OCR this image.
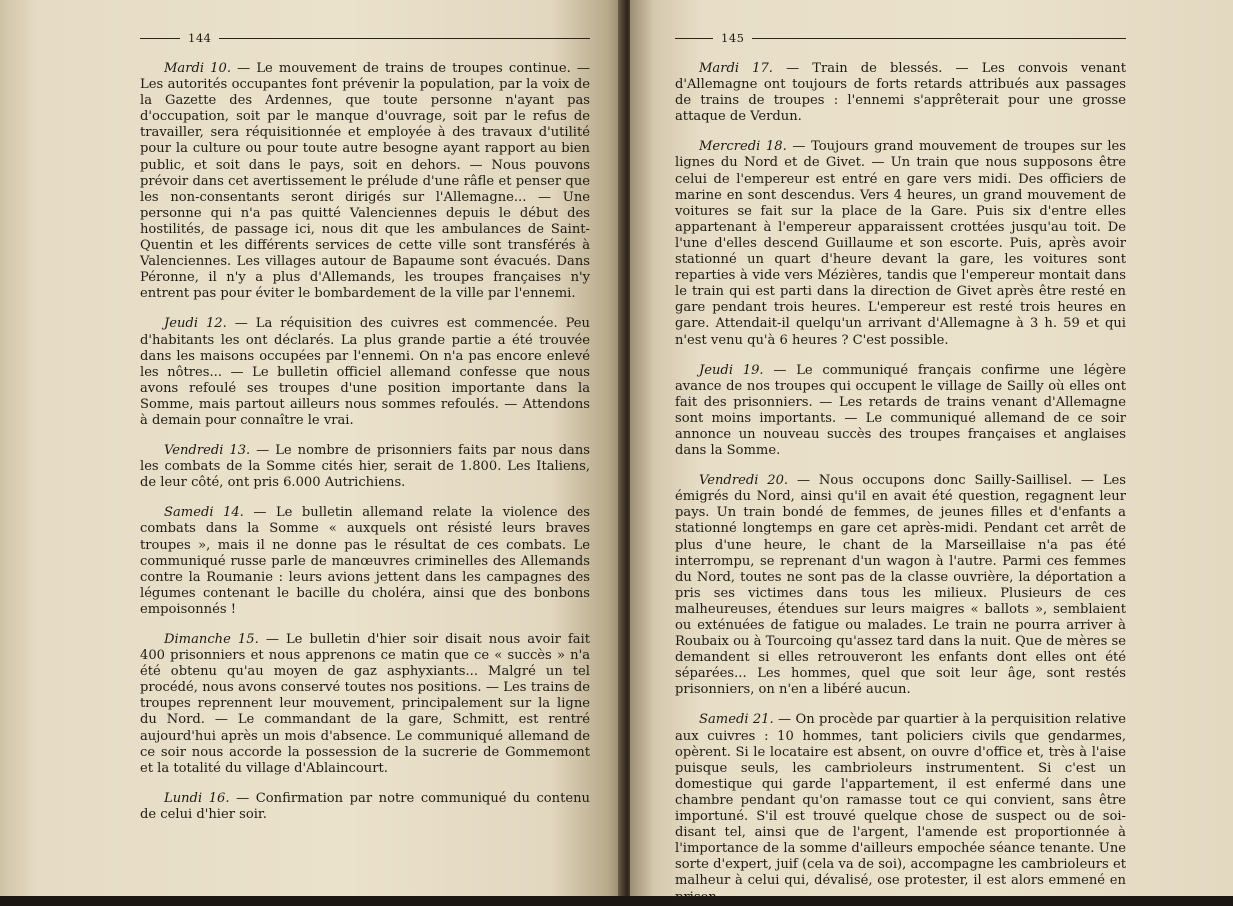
144

Mardi 10. — Le mouvement de trains de troupes continue. — Les autorités occupantes font prévenir la population, par la voix de la Gazette des Ardennes, que toute personne n'ayant pas d'occupation, soit par le manque d'ouvrage, soit par le refus de travailler, sera réquisitionnée et employée à des travaux d'utilité pour la culture ou pour toute autre besogne ayant rapport au bien public, et soit dans le pays, soit en dehors. — Nous pouvons prévoir dans cet avertissement le prélude d'une râfle et penser que les non-consentants seront dirigés sur l'Allemagne... — Une personne qui n'a pas quitté Valenciennes depuis le début des hostilités, de passage ici, nous dit que les ambulances de Saint-Quentin et les différents services de cette ville sont transférés à Valenciennes. Les villages autour de Bapaume sont évacués. Dans Péronne, il n'y a plus d'Allemands, les troupes françaises n'y entrent pas pour éviter le bombardement de la ville par l'ennemi.

Jeudi 12. — La réquisition des cuivres est commencée. Peu d'habitants les ont déclarés. La plus grande partie a été trouvée dans les maisons occupées par l'ennemi. On n'a pas encore enlevé les nôtres... — Le bulletin officiel allemand confesse que nous avons refoulé ses troupes d'une position importante dans la Somme, mais partout ailleurs nous sommes refoulés. — Attendons à demain pour connaître le vrai.

Vendredi 13. — Le nombre de prisonniers faits par nous dans les combats de la Somme cités hier, serait de 1.800. Les Italiens, de leur côté, ont pris 6.000 Autrichiens.

Samedi 14. — Le bulletin allemand relate la violence des combats dans la Somme « auxquels ont résisté leurs braves troupes », mais il ne donne pas le résultat de ces combats. Le communiqué russe parle de manœuvres criminelles des Allemands contre la Roumanie : leurs avions jettent dans les campagnes des légumes contenant le bacille du choléra, ainsi que des bonbons empoisonnés !

Dimanche 15. — Le bulletin d'hier soir disait nous avoir fait 400 prisonniers et nous apprenons ce matin que ce « succès » n'a été obtenu qu'au moyen de gaz asphyxiants... Malgré un tel procédé, nous avons conservé toutes nos positions. — Les trains de troupes reprennent leur mouvement, principalement sur la ligne du Nord. — Le commandant de la gare, Schmitt, est rentré aujourd'hui après un mois d'absence. Le communiqué allemand de ce soir nous accorde la possession de la sucrerie de Gommemont et la totalité du village d'Ablaincourt.

Lundi 16. — Confirmation par notre communiqué du contenu de celui d'hier soir.

145

Mardi 17. — Train de blessés. — Les convois venant d'Allemagne ont toujours de forts retards attribués aux passages de trains de troupes : l'ennemi s'apprêterait pour une grosse attaque de Verdun.

Mercredi 18. — Toujours grand mouvement de troupes sur les lignes du Nord et de Givet. — Un train que nous supposons être celui de l'empereur est entré en gare vers midi. Des officiers de marine en sont descendus. Vers 4 heures, un grand mouvement de voitures se fait sur la place de la Gare. Puis six d'entre elles appartenant à l'empereur apparaissent crottées jusqu'au toit. De l'une d'elles descend Guillaume et son escorte. Puis, après avoir stationné un quart d'heure devant la gare, les voitures sont reparties à vide vers Mézières, tandis que l'empereur montait dans le train qui est parti dans la direction de Givet après être resté en gare pendant trois heures. L'empereur est resté trois heures en gare. Attendait-il quelqu'un arrivant d'Allemagne à 3 h. 59 et qui n'est venu qu'à 6 heures ? C'est possible.

Jeudi 19. — Le communiqué français confirme une légère avance de nos troupes qui occupent le village de Sailly où elles ont fait des prisonniers. — Les retards de trains venant d'Allemagne sont moins importants. — Le communiqué allemand de ce soir annonce un nouveau succès des troupes françaises et anglaises dans la Somme.

Vendredi 20. — Nous occupons donc Sailly-Saillisel. — Les émigrés du Nord, ainsi qu'il en avait été question, regagnent leur pays. Un train bondé de femmes, de jeunes filles et d'enfants a stationné longtemps en gare cet après-midi. Pendant cet arrêt de plus d'une heure, le chant de la Marseillaise n'a pas été interrompu, se reprenant d'un wagon à l'autre. Parmi ces femmes du Nord, toutes ne sont pas de la classe ouvrière, la déportation a pris ses victimes dans tous les milieux. Plusieurs de ces malheureuses, étendues sur leurs maigres « ballots », semblaient ou exténuées de fatigue ou malades. Le train ne pourra arriver à Roubaix ou à Tourcoing qu'assez tard dans la nuit. Que de mères se demandent si elles retrouveront les enfants dont elles ont été séparées... Les hommes, quel que soit leur âge, sont restés prisonniers, on n'en a libéré aucun.

Samedi 21. — On procède par quartier à la perquisition relative aux cuivres : 10 hommes, tant policiers civils que gendarmes, opèrent. Si le locataire est absent, on ouvre d'office et, très à l'aise puisque seuls, les cambrioleurs instrumentent. Si c'est un domestique qui garde l'appartement, il est enfermé dans une chambre pendant qu'on ramasse tout ce qui convient, sans être importuné. S'il est trouvé quelque chose de suspect ou de soi-disant tel, ainsi que de l'argent, l'amende est proportionnée à l'importance de la somme d'ailleurs empochée séance tenante. Une sorte d'expert, juif (cela va de soi), accompagne les cambrioleurs et malheur à celui qui, dévalisé, ose protester, il est alors emmené en prison.
